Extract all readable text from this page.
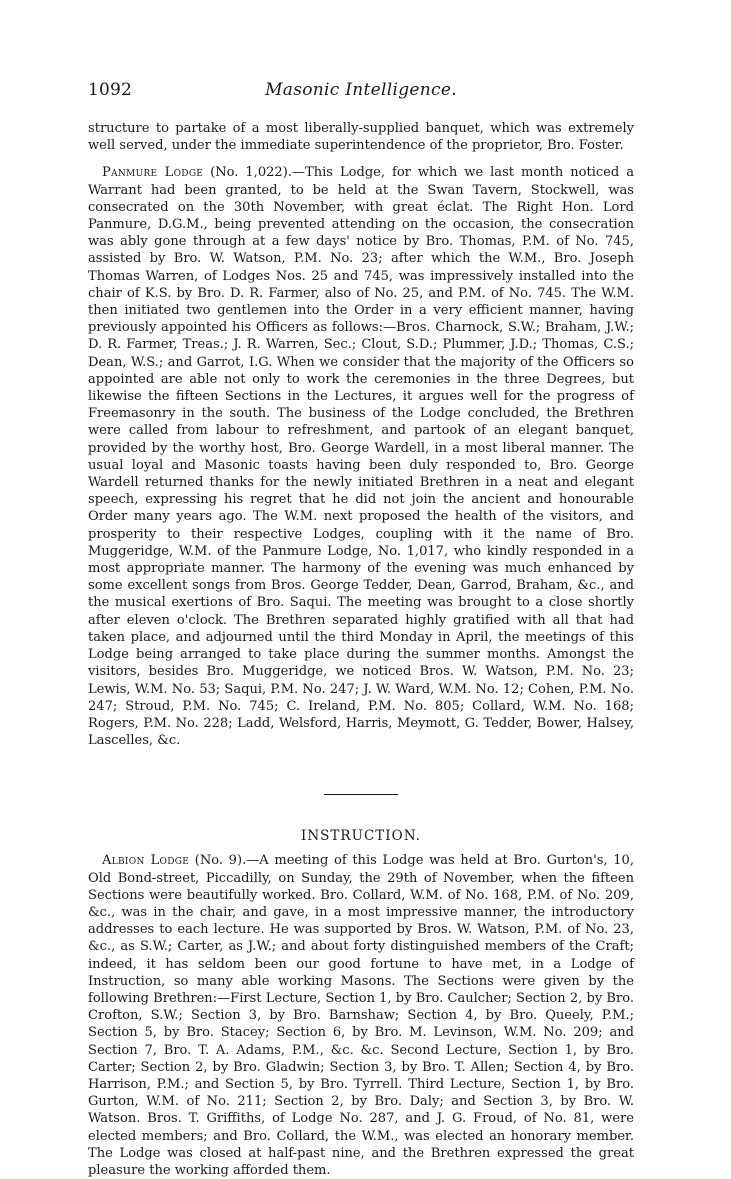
1092	Masonic Intelligence.

structure to partake of a most liberally-supplied banquet, which was extremely well served, under the immediate superintendence of the proprietor, Bro. Foster.

Panmure Lodge (No. 1,022).—This Lodge, for which we last month noticed a Warrant had been granted, to be held at the Swan Tavern, Stockwell, was consecrated on the 30th November, with great éclat. The Right Hon. Lord Panmure, D.G.M., being prevented attending on the occasion, the consecration was ably gone through at a few days' notice by Bro. Thomas, P.M. of No. 745, assisted by Bro. W. Watson, P.M. No. 23; after which the W.M., Bro. Joseph Thomas Warren, of Lodges Nos. 25 and 745, was impressively installed into the chair of K.S. by Bro. D. R. Farmer, also of No. 25, and P.M. of No. 745. The W.M. then initiated two gentlemen into the Order in a very efficient manner, having previously appointed his Officers as follows:—Bros. Charnock, S.W.; Braham, J.W.; D. R. Farmer, Treas.; J. R. Warren, Sec.; Clout, S.D.; Plummer, J.D.; Thomas, C.S.; Dean, W.S.; and Garrot, I.G. When we consider that the majority of the Officers so appointed are able not only to work the ceremonies in the three Degrees, but likewise the fifteen Sections in the Lectures, it argues well for the progress of Freemasonry in the south. The business of the Lodge concluded, the Brethren were called from labour to refreshment, and partook of an elegant banquet, provided by the worthy host, Bro. George Wardell, in a most liberal manner. The usual loyal and Masonic toasts having been duly responded to, Bro. George Wardell returned thanks for the newly initiated Brethren in a neat and elegant speech, expressing his regret that he did not join the ancient and honourable Order many years ago. The W.M. next proposed the health of the visitors, and prosperity to their respective Lodges, coupling with it the name of Bro. Muggeridge, W.M. of the Panmure Lodge, No. 1,017, who kindly responded in a most appropriate manner. The harmony of the evening was much enhanced by some excellent songs from Bros. George Tedder, Dean, Garrod, Braham, &c., and the musical exertions of Bro. Saqui. The meeting was brought to a close shortly after eleven o'clock. The Brethren separated highly gratified with all that had taken place, and adjourned until the third Monday in April, the meetings of this Lodge being arranged to take place during the summer months. Amongst the visitors, besides Bro. Muggeridge, we noticed Bros. W. Watson, P.M. No. 23; Lewis, W.M. No. 53; Saqui, P.M. No. 247; J. W. Ward, W.M. No. 12; Cohen, P.M. No. 247; Stroud, P.M. No. 745; C. Ireland, P.M. No. 805; Collard, W.M. No. 168; Rogers, P.M. No. 228; Ladd, Welsford, Harris, Meymott, G. Tedder, Bower, Halsey, Lascelles, &c.

INSTRUCTION.

Albion Lodge (No. 9).—A meeting of this Lodge was held at Bro. Gurton's, 10, Old Bond-street, Piccadilly, on Sunday, the 29th of November, when the fifteen Sections were beautifully worked. Bro. Collard, W.M. of No. 168, P.M. of No. 209, &c., was in the chair, and gave, in a most impressive manner, the introductory addresses to each lecture. He was supported by Bros. W. Watson, P.M. of No. 23, &c., as S.W.; Carter, as J.W.; and about forty distinguished members of the Craft; indeed, it has seldom been our good fortune to have met, in a Lodge of Instruction, so many able working Masons. The Sections were given by the following Brethren:—First Lecture, Section 1, by Bro. Caulcher; Section 2, by Bro. Crofton, S.W.; Section 3, by Bro. Barnshaw; Section 4, by Bro. Queely, P.M.; Section 5, by Bro. Stacey; Section 6, by Bro. M. Levinson, W.M. No. 209; and Section 7, Bro. T. A. Adams, P.M., &c. &c. Second Lecture, Section 1, by Bro. Carter; Section 2, by Bro. Gladwin; Section 3, by Bro. T. Allen; Section 4, by Bro. Harrison, P.M.; and Section 5, by Bro. Tyrrell. Third Lecture, Section 1, by Bro. Gurton, W.M. of No. 211; Section 2, by Bro. Daly; and Section 3, by Bro. W. Watson. Bros. T. Griffiths, of Lodge No. 287, and J. G. Froud, of No. 81, were elected members; and Bro. Collard, the W.M., was elected an honorary member. The Lodge was closed at half-past nine, and the Brethren expressed the great pleasure the working afforded them.
